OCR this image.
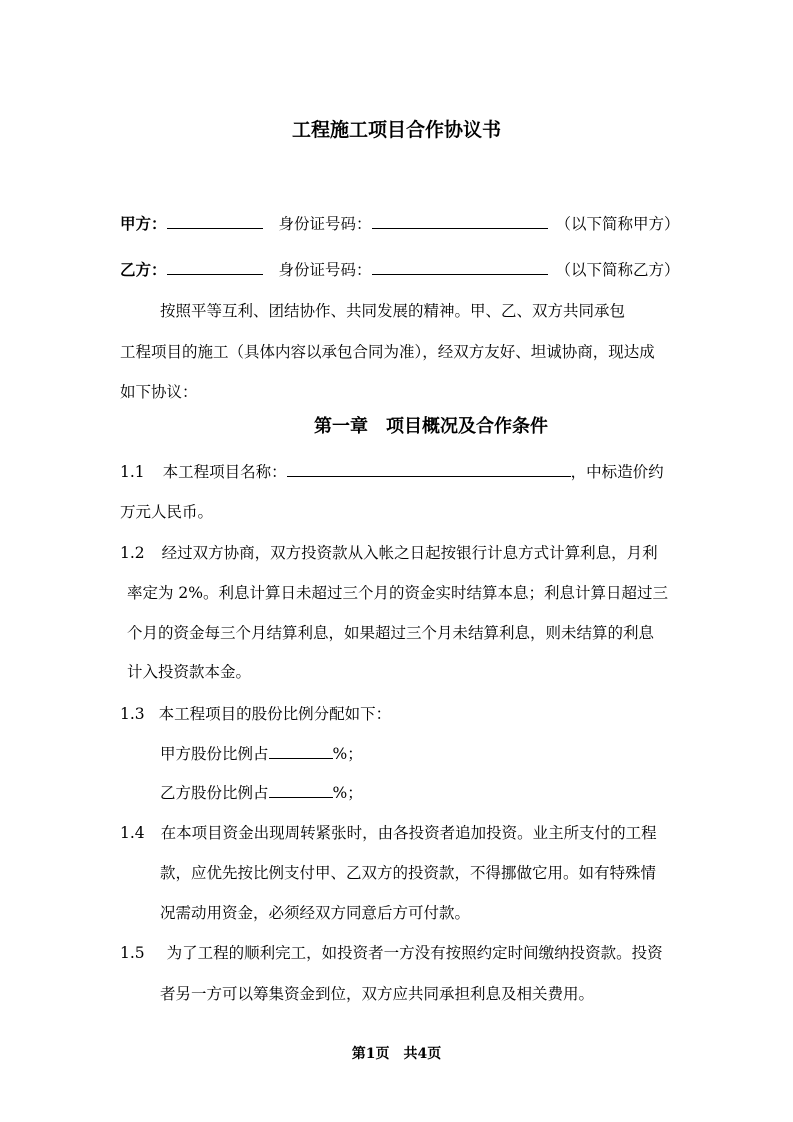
工程施工项目合作协议书
甲方：	身份证号码：	（以下简称甲方）
乙方：	身份证号码：	（以下简称乙方）
按照平等互利、团结协作、共同发展的精神。甲、乙、双方共同承包
工程项目的施工（具体内容以承包合同为准），经双方友好、坦诚协商，现达成
如下协议：
第一章　项目概况及合作条件
1.1 本工程项目名称：	，中标造价约
万元人民币。
1.2 经过双方协商，双方投资款从入帐之日起按银行计息方式计算利息，月利
率定为 2%。利息计算日未超过三个月的资金实时结算本息；利息计算日超过三
个月的资金每三个月结算利息，如果超过三个月未结算利息，则未结算的利息
计入投资款本金。
1.3 本工程项目的股份比例分配如下：
甲方股份比例占	%；
乙方股份比例占	%；
1.4 在本项目资金出现周转紧张时，由各投资者追加投资。业主所支付的工程
款，应优先按比例支付甲、乙双方的投资款，不得挪做它用。如有特殊情
况需动用资金，必须经双方同意后方可付款。
1.5 为了工程的顺利完工，如投资者一方没有按照约定时间缴纳投资款。投资
者另一方可以筹集资金到位，双方应共同承担利息及相关费用。
第1页　共4页
